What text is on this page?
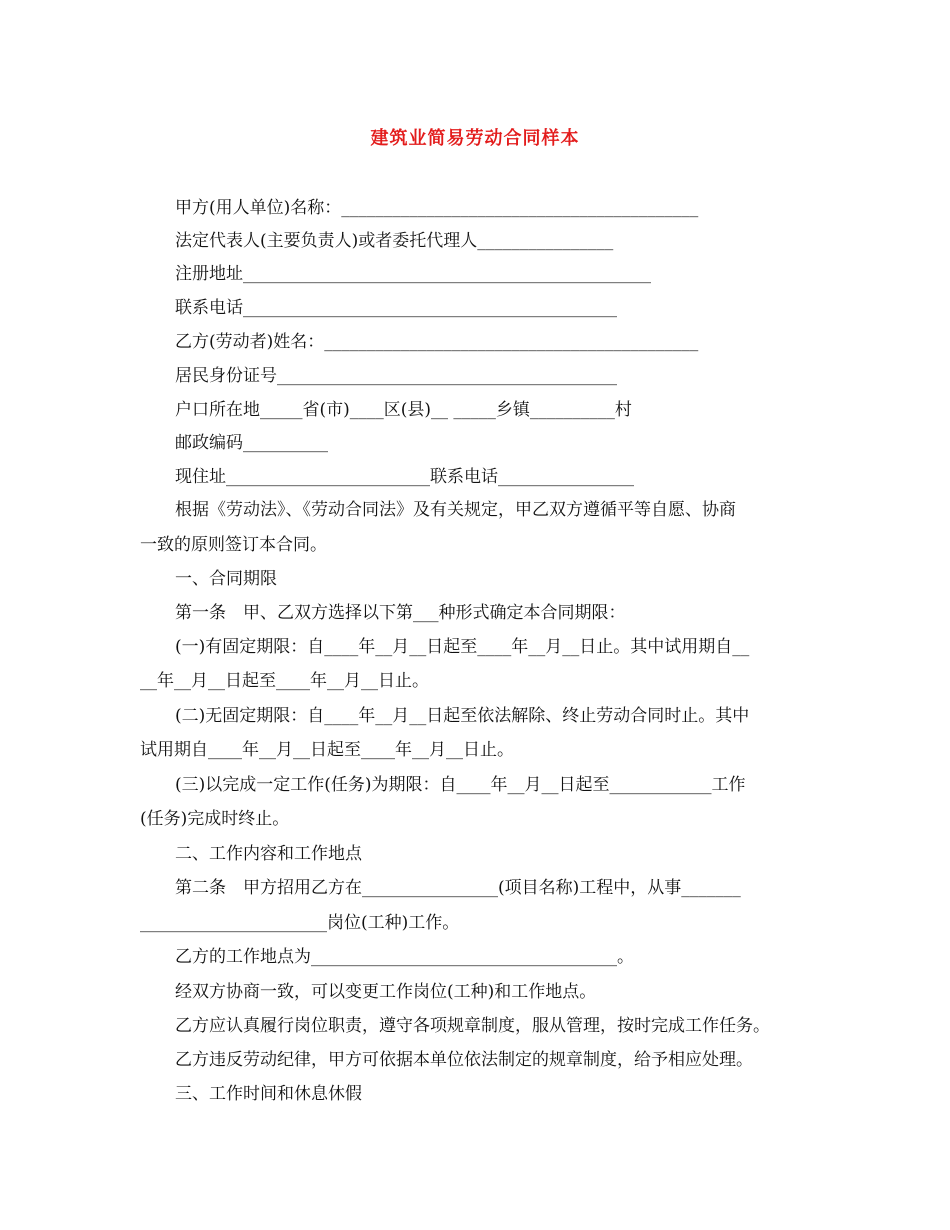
建筑业简易劳动合同样本
甲方(用人单位)名称：__________________________________________
法定代表人(主要负责人)或者委托代理人________________
注册地址________________________________________________
联系电话____________________________________________
乙方(劳动者)姓名：____________________________________________
居民身份证号________________________________________
户口所在地_____省(市)____区(县)__ _____乡镇__________村
邮政编码__________
现住址________________________联系电话________________
根据《劳动法》、《劳动合同法》及有关规定，甲乙双方遵循平等自愿、协商
一致的原则签订本合同。
一、合同期限
第一条　甲、乙双方选择以下第___种形式确定本合同期限：
(一)有固定期限：自____年__月__日起至____年__月__日止。其中试用期自__
__年__月__日起至____年__月__日止。
(二)无固定期限：自____年__月__日起至依法解除、终止劳动合同时止。其中
试用期自____年__月__日起至____年__月__日止。
(三)以完成一定工作(任务)为期限：自____年__月__日起至____________工作
(任务)完成时终止。
二、工作内容和工作地点
第二条　甲方招用乙方在________________(项目名称)工程中，从事_______
______________________岗位(工种)工作。
乙方的工作地点为____________________________________。
经双方协商一致，可以变更工作岗位(工种)和工作地点。
乙方应认真履行岗位职责，遵守各项规章制度，服从管理，按时完成工作任务。
乙方违反劳动纪律，甲方可依据本单位依法制定的规章制度，给予相应处理。
三、工作时间和休息休假
